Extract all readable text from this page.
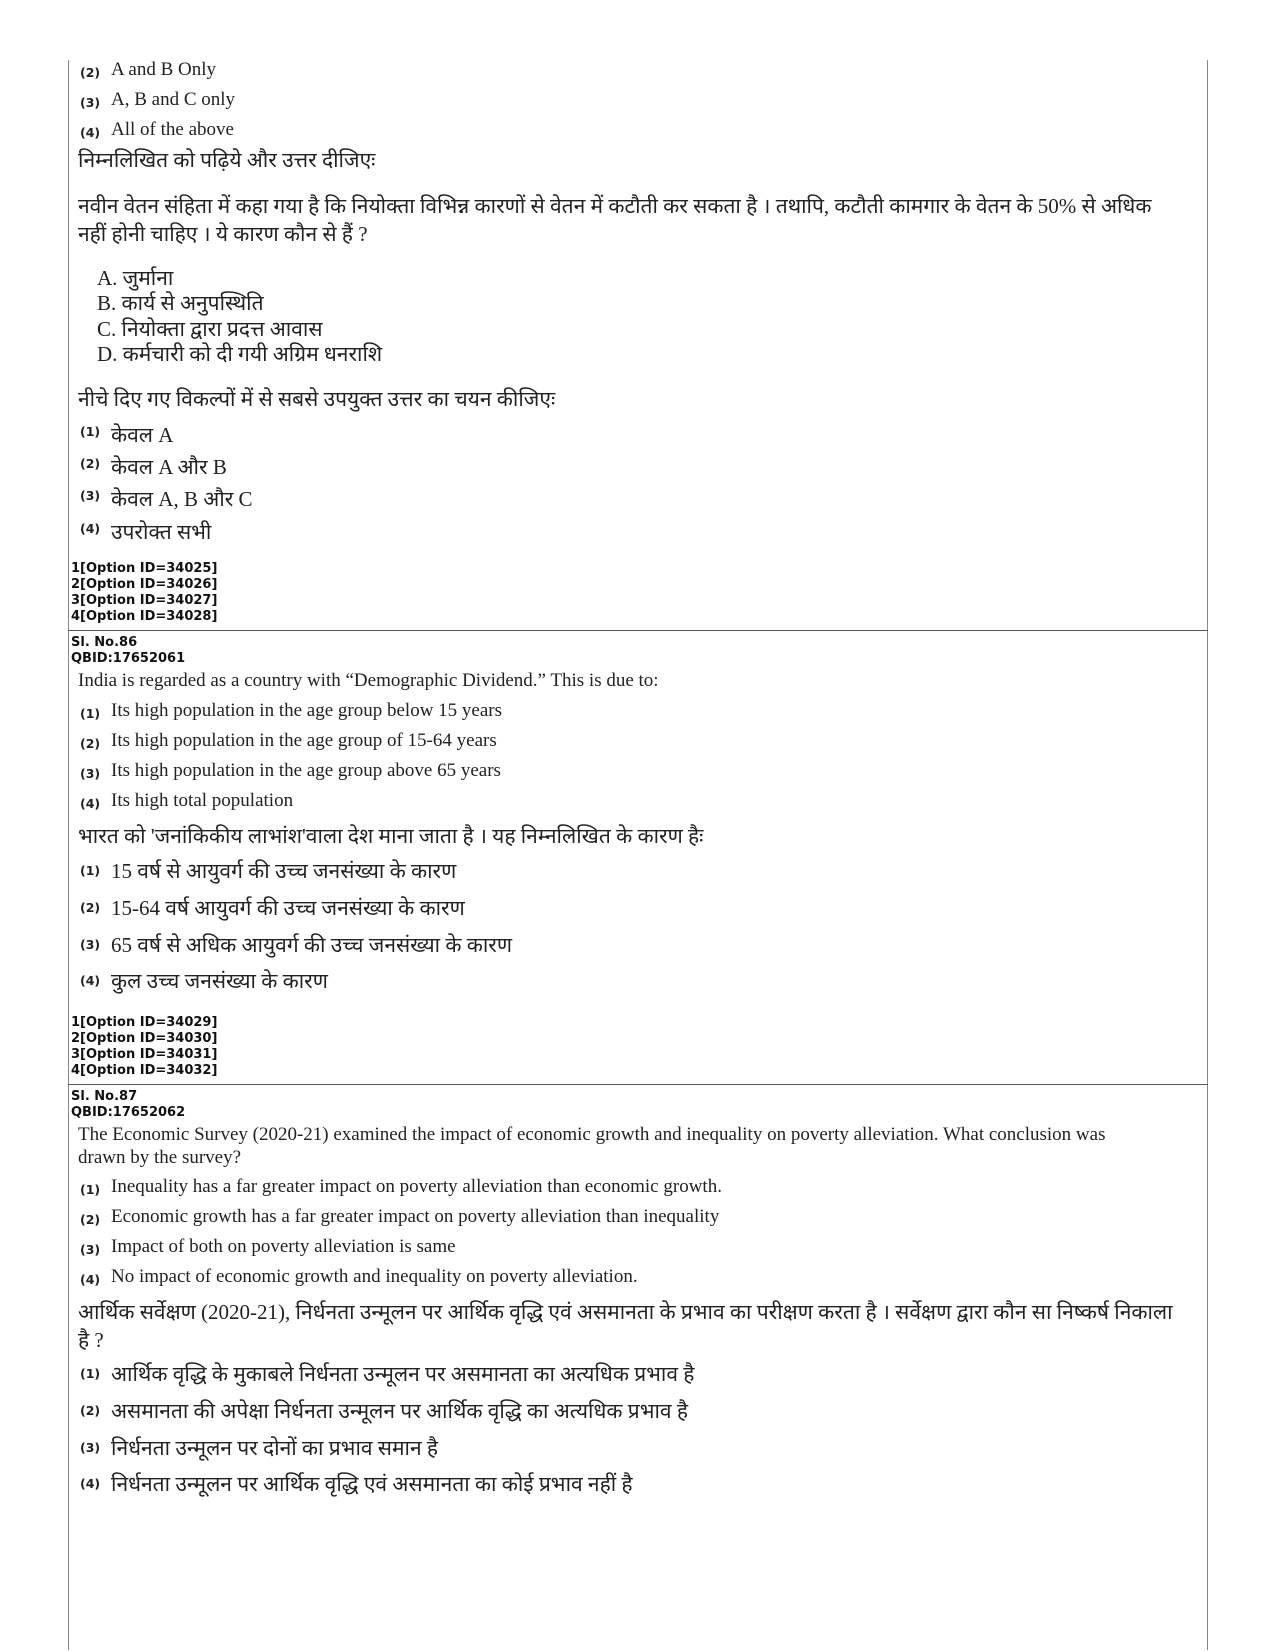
(2) A and B Only
(3) A, B and C only
(4) All of the above
निम्नलिखित को पढ़िये और उत्तर दीजिएः
नवीन वेतन संहिता में कहा गया है कि नियोक्ता विभिन्न कारणों से वेतन में कटौती कर सकता है । तथापि, कटौती कामगार के वेतन के 50% से अधिक
नहीं होनी चाहिए । ये कारण कौन से हैं ?
A. जुर्माना
B. कार्य से अनुपस्थिति
C. नियोक्ता द्वारा प्रदत्त आवास
D. कर्मचारी को दी गयी अग्रिम धनराशि
नीचे दिए गए विकल्पों में से सबसे उपयुक्त उत्तर का चयन कीजिएः
(1) केवल A
(2) केवल A और B
(3) केवल A, B और C
(4) उपरोक्त सभी
1[Option ID=34025]
2[Option ID=34026]
3[Option ID=34027]
4[Option ID=34028]
Sl. No.86
QBID:17652061
India is regarded as a country with “Demographic Dividend.” This is due to:
(1) Its high population in the age group below 15 years
(2) Its high population in the age group of 15-64 years
(3) Its high population in the age group above 65 years
(4) Its high total population
भारत को 'जनांकिकीय लाभांश'वाला देश माना जाता है । यह निम्नलिखित के कारण हैः
(1) 15 वर्ष से आयुवर्ग की उच्च जनसंख्या के कारण
(2) 15-64 वर्ष आयुवर्ग की उच्च जनसंख्या के कारण
(3) 65 वर्ष से अधिक आयुवर्ग की उच्च जनसंख्या के कारण
(4) कुल उच्च जनसंख्या के कारण
1[Option ID=34029]
2[Option ID=34030]
3[Option ID=34031]
4[Option ID=34032]
Sl. No.87
QBID:17652062
The Economic Survey (2020-21) examined the impact of economic growth and inequality on poverty alleviation. What conclusion was
drawn by the survey?
(1) Inequality has a far greater impact on poverty alleviation than economic growth.
(2) Economic growth has a far greater impact on poverty alleviation than inequality
(3) Impact of both on poverty alleviation is same
(4) No impact of economic growth and inequality on poverty alleviation.
आर्थिक सर्वेक्षण (2020-21), निर्धनता उन्मूलन पर आर्थिक वृद्धि एवं असमानता के प्रभाव का परीक्षण करता है । सर्वेक्षण द्वारा कौन सा निष्कर्ष निकाला
है ?
(1) आर्थिक वृद्धि के मुकाबले निर्धनता उन्मूलन पर असमानता का अत्यधिक प्रभाव है
(2) असमानता की अपेक्षा निर्धनता उन्मूलन पर आर्थिक वृद्धि का अत्यधिक प्रभाव है
(3) निर्धनता उन्मूलन पर दोनों का प्रभाव समान है
(4) निर्धनता उन्मूलन पर आर्थिक वृद्धि एवं असमानता का कोई प्रभाव नहीं है
